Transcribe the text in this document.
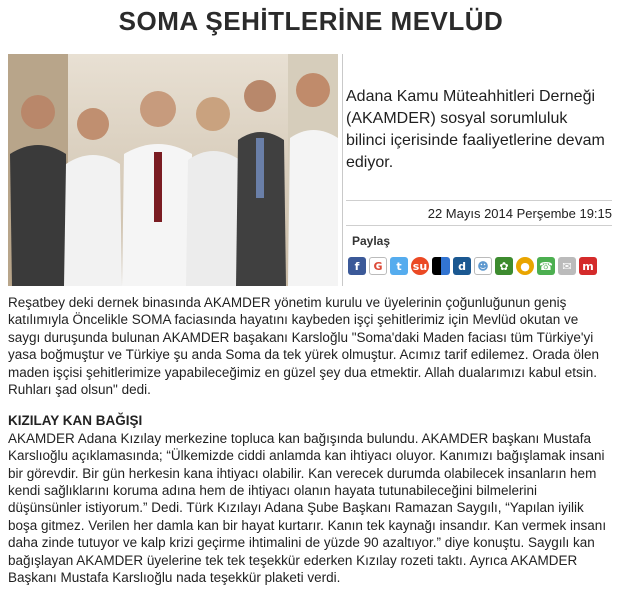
SOMA ŞEHİTLERİNE MEVLÜD
Adana Kamu Müteahhitleri Derneği (AKAMDER) sosyal sorumluluk bilinci içerisinde faaliyetlerine devam ediyor.
22 Mayıs 2014 Perşembe 19:15
Paylaş
f	G	t	su	d	☻ ✿	● ☎ ✉ m

Reşatbey deki dernek binasında AKAMDER yönetim kurulu ve üyelerinin çoğunluğunun geniş katılımıyla Öncelikle SOMA faciasında hayatını kaybeden işçi şehitlerimiz için Mevlüd okutan ve saygı duruşunda bulunan AKAMDER başakanı Karsloğlu "Soma'daki Maden faciası tüm Türkiye'yi yasa boğmuştur ve Türkiye şu anda Soma da tek yürek olmuştur. Acımız tarif edilemez. Orada ölen maden işçisi şehitlerimize yapabileceğimiz en güzel şey dua etmektir. Allah dualarımızı kabul etsin. Ruhları şad olsun" dedi.

KIZILAY KAN BAĞIŞI

AKAMDER Adana Kızılay merkezine topluca kan bağışında bulundu. AKAMDER başkanı Mustafa Karslıoğlu açıklamasında; “Ülkemizde ciddi anlamda kan ihtiyacı oluyor. Kanımızı bağışlamak insani bir görevdir. Bir gün herkesin kana ihtiyacı olabilir. Kan verecek durumda olabilecek insanların hem kendi sağlıklarını koruma adına hem de ihtiyacı olanın hayata tutunabileceğini bilmelerini düşünsünler istiyorum.” Dedi. Türk Kızılayı Adana Şube Başkanı Ramazan Saygılı, “Yapılan iyilik boşa gitmez. Verilen her damla kan bir hayat kurtarır. Kanın tek kaynağı insandır. Kan vermek insanı daha zinde tutuyor ve kalp krizi geçirme ihtimalini de yüzde 90 azaltıyor.” diye konuştu. Saygılı kan bağışlayan AKAMDER üyelerine tek tek teşekkür ederken Kızılay rozeti taktı. Ayrıca AKAMDER Başkanı Mustafa Karslıoğlu nada teşekkür plaketi verdi.
